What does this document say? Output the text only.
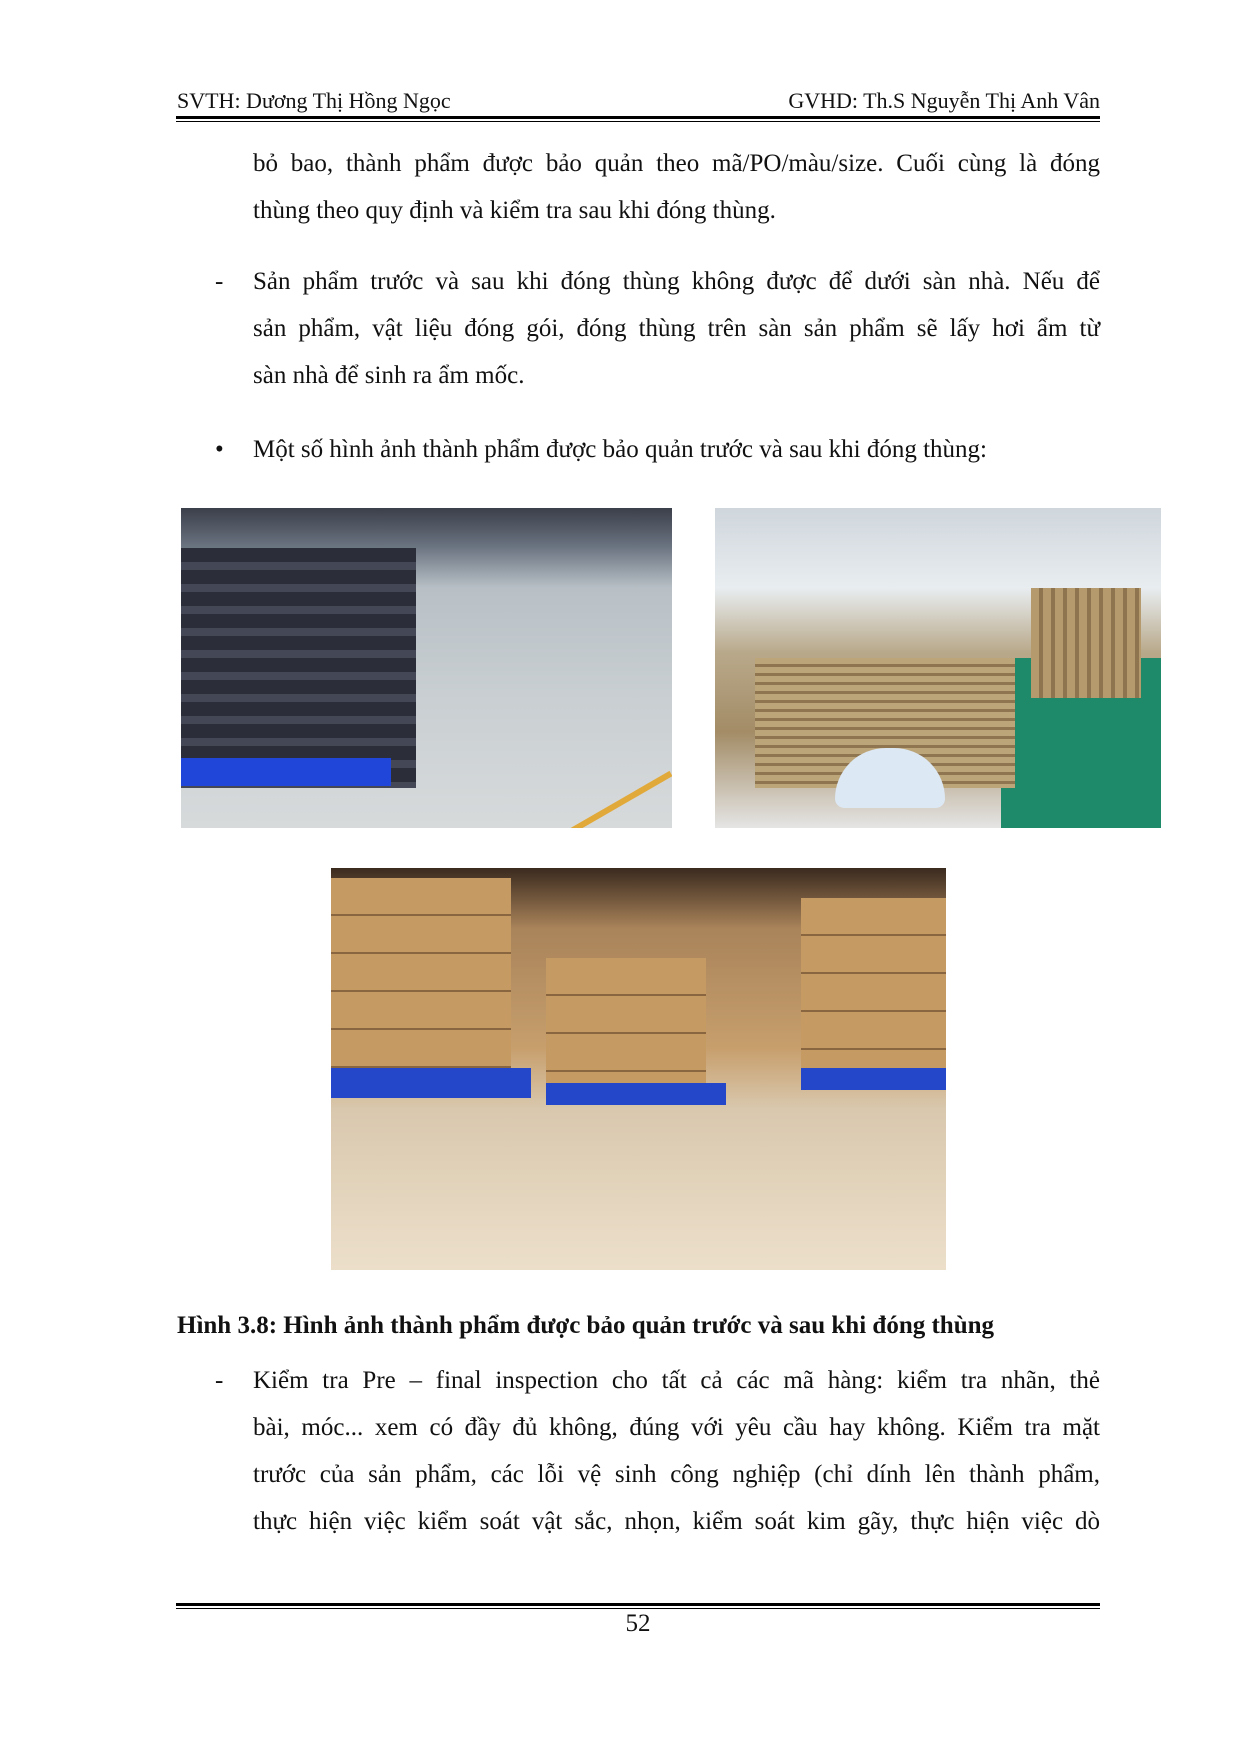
SVTH: Dương Thị Hồng Ngọc	GVHD: Th.S Nguyễn Thị Anh Vân
bỏ bao, thành phẩm được bảo quản theo mã/PO/màu/size. Cuối cùng là đóng
thùng theo quy định và kiểm tra sau khi đóng thùng.
- Sản phẩm trước và sau khi đóng thùng không được để dưới sàn nhà. Nếu để
sản phẩm, vật liệu đóng gói, đóng thùng trên sàn sản phẩm sẽ lấy hơi ẩm từ
sàn nhà để sinh ra ẩm mốc.
• Một số hình ảnh thành phẩm được bảo quản trước và sau khi đóng thùng:
Hình 3.8: Hình ảnh thành phẩm được bảo quản trước và sau khi đóng thùng
- Kiểm tra Pre – final inspection cho tất cả các mã hàng: kiểm tra nhãn, thẻ
bài, móc... xem có đầy đủ không, đúng với yêu cầu hay không. Kiểm tra mặt
trước của sản phẩm, các lỗi vệ sinh công nghiệp (chỉ dính lên thành phẩm,
thực hiện việc kiểm soát vật sắc, nhọn, kiểm soát kim gãy, thực hiện việc dò
52
